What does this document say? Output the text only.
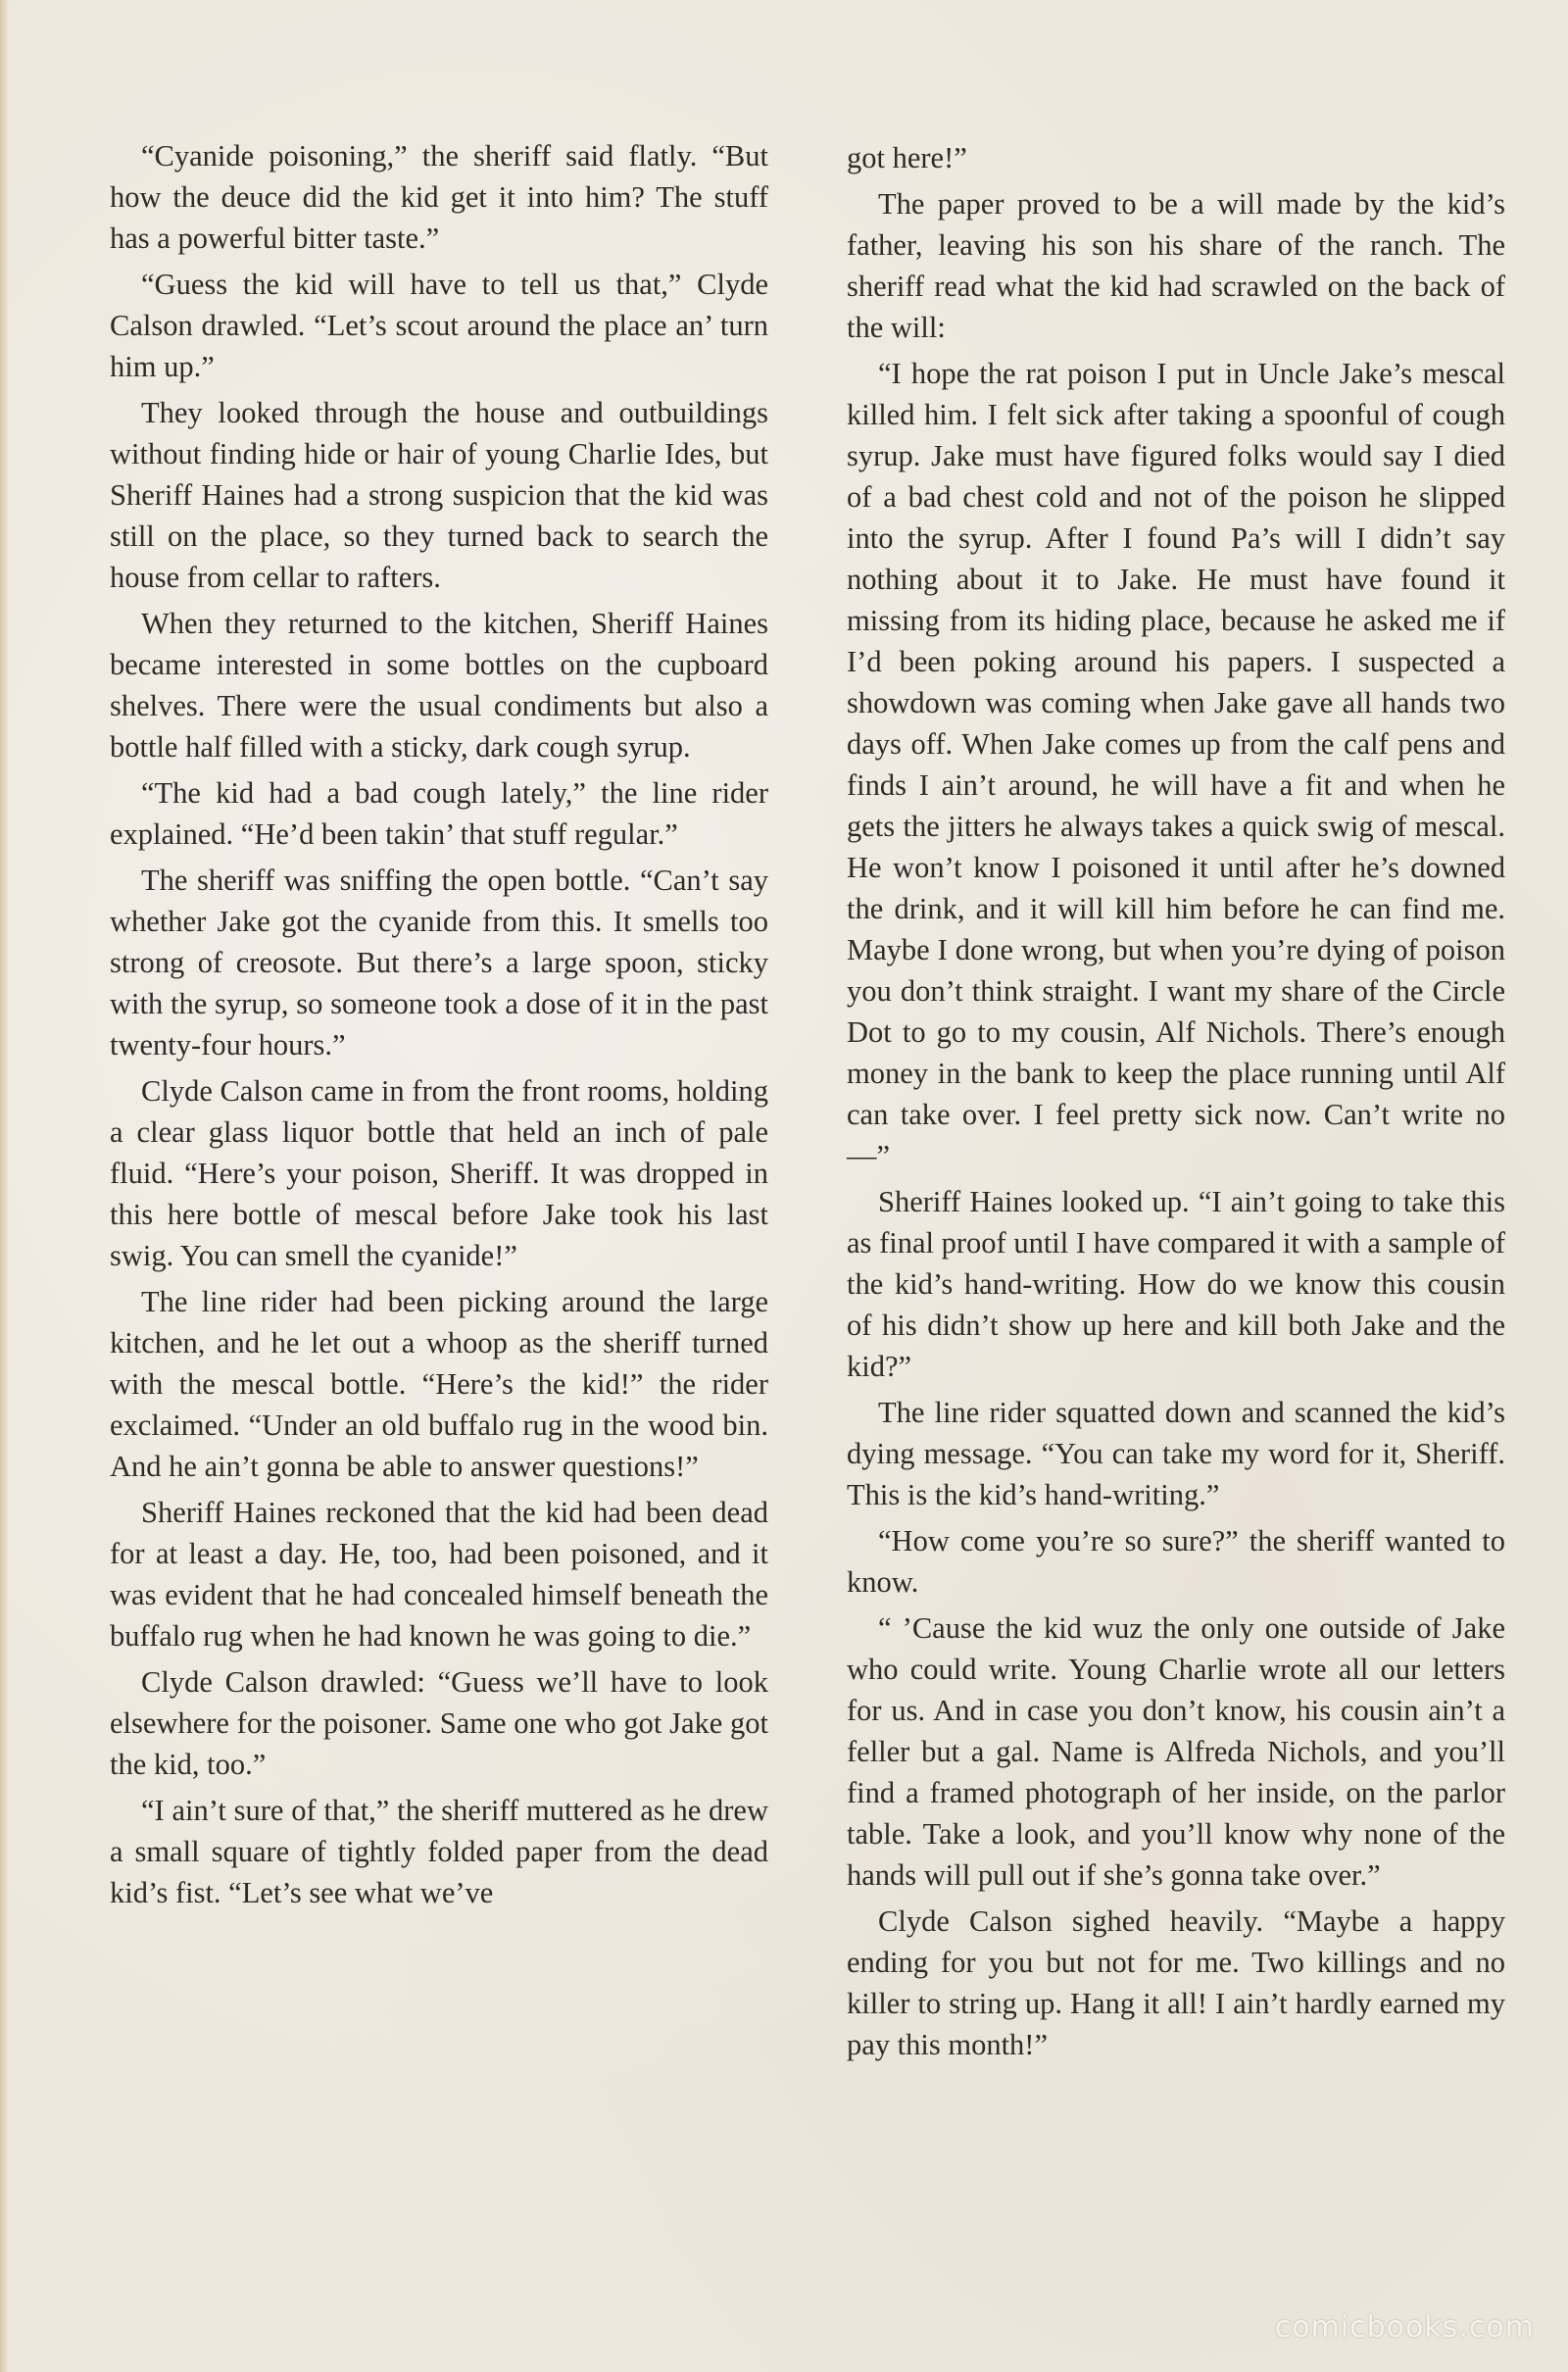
“Cyanide poisoning,” the sheriff said flatly. “But how the deuce did the kid get it into him? The stuff has a powerful bitter taste.”

“Guess the kid will have to tell us that,” Clyde Calson drawled. “Let’s scout around the place an’ turn him up.”

They looked through the house and outbuildings without finding hide or hair of young Charlie Ides, but Sheriff Haines had a strong suspicion that the kid was still on the place, so they turned back to search the house from cellar to rafters.

When they returned to the kitchen, Sheriff Haines became interested in some bottles on the cupboard shelves. There were the usual condiments but also a bottle half filled with a sticky, dark cough syrup.

“The kid had a bad cough lately,” the line rider explained. “He’d been takin’ that stuff regular.”

The sheriff was sniffing the open bottle. “Can’t say whether Jake got the cyanide from this. It smells too strong of creosote. But there’s a large spoon, sticky with the syrup, so someone took a dose of it in the past twenty-four hours.”

Clyde Calson came in from the front rooms, holding a clear glass liquor bottle that held an inch of pale fluid. “Here’s your poison, Sheriff. It was dropped in this here bottle of mescal before Jake took his last swig. You can smell the cyanide!”

The line rider had been picking around the large kitchen, and he let out a whoop as the sheriff turned with the mescal bottle. “Here’s the kid!” the rider exclaimed. “Under an old buffalo rug in the wood bin. And he ain’t gonna be able to answer questions!”

Sheriff Haines reckoned that the kid had been dead for at least a day. He, too, had been poisoned, and it was evident that he had concealed himself beneath the buffalo rug when he had known he was going to die.”

Clyde Calson drawled: “Guess we’ll have to look elsewhere for the poisoner. Same one who got Jake got the kid, too.”

“I ain’t sure of that,” the sheriff muttered as he drew a small square of tightly folded paper from the dead kid’s fist. “Let’s see what we’ve

got here!”

The paper proved to be a will made by the kid’s father, leaving his son his share of the ranch. The sheriff read what the kid had scrawled on the back of the will:

“I hope the rat poison I put in Uncle Jake’s mescal killed him. I felt sick after taking a spoonful of cough syrup. Jake must have figured folks would say I died of a bad chest cold and not of the poison he slipped into the syrup. After I found Pa’s will I didn’t say nothing about it to Jake. He must have found it missing from its hiding place, because he asked me if I’d been poking around his papers. I suspected a showdown was coming when Jake gave all hands two days off. When Jake comes up from the calf pens and finds I ain’t around, he will have a fit and when he gets the jitters he always takes a quick swig of mescal. He won’t know I poisoned it until after he’s downed the drink, and it will kill him before he can find me. Maybe I done wrong, but when you’re dying of poison you don’t think straight. I want my share of the Circle Dot to go to my cousin, Alf Nichols. There’s enough money in the bank to keep the place running until Alf can take over. I feel pretty sick now. Can’t write no —”

Sheriff Haines looked up. “I ain’t going to take this as final proof until I have compared it with a sample of the kid’s hand-writing. How do we know this cousin of his didn’t show up here and kill both Jake and the kid?”

The line rider squatted down and scanned the kid’s dying message. “You can take my word for it, Sheriff. This is the kid’s hand-writing.”

“How come you’re so sure?” the sheriff wanted to know.

“ ’Cause the kid wuz the only one outside of Jake who could write. Young Charlie wrote all our letters for us. And in case you don’t know, his cousin ain’t a feller but a gal. Name is Alfreda Nichols, and you’ll find a framed photograph of her inside, on the parlor table. Take a look, and you’ll know why none of the hands will pull out if she’s gonna take over.”

Clyde Calson sighed heavily. “Maybe a happy ending for you but not for me. Two killings and no killer to string up. Hang it all! I ain’t hardly earned my pay this month!”

comicbooks.com
